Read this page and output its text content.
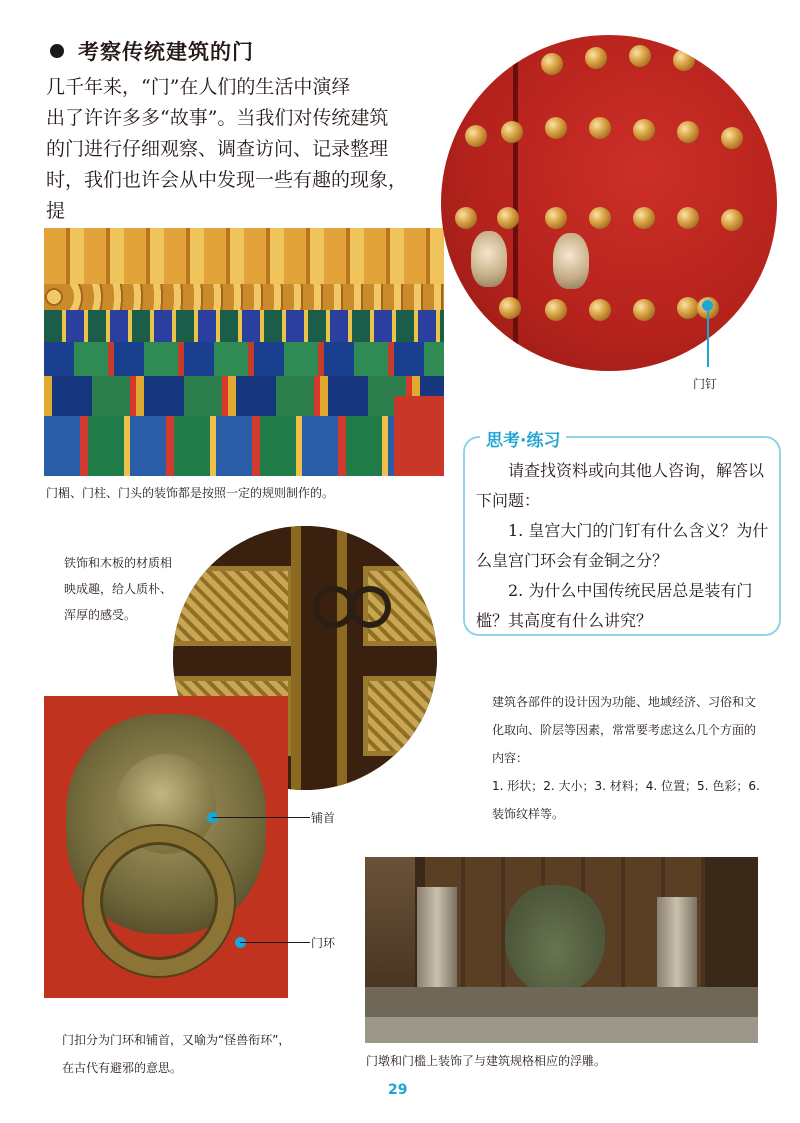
考察传统建筑的门

几千年来，“门”在人们的生活中演绎

出了许许多多“故事”。当我们对传统建筑

的门进行仔细观察、调查访问、记录整理

时，我们也许会从中发现一些有趣的现象，提

门楣、门柱、门头的装饰都是按照一定的规则制作的。
门钉
思考·练习

请查找资料或向其他人咨询，解答以下问题：

1. 皇宫大门的门钉有什么含义？为什么皇宫门环会有金铜之分？

2. 为什么中国传统民居总是装有门槛？其高度有什么讲究？

铁饰和木板的材质相映成趣，给人质朴、浑厚的感受。
铺首
门环
门扣分为门环和铺首，又喻为“怪兽衔环”，在古代有避邪的意思。

建筑各部件的设计因为功能、地域经济、习俗和文化取向、阶层等因素，常常要考虑这么几个方面的内容：

1. 形状；2. 大小；3. 材料；4. 位置；5. 色彩；6. 装饰纹样等。

门墩和门槛上装饰了与建筑规格相应的浮雕。
29
